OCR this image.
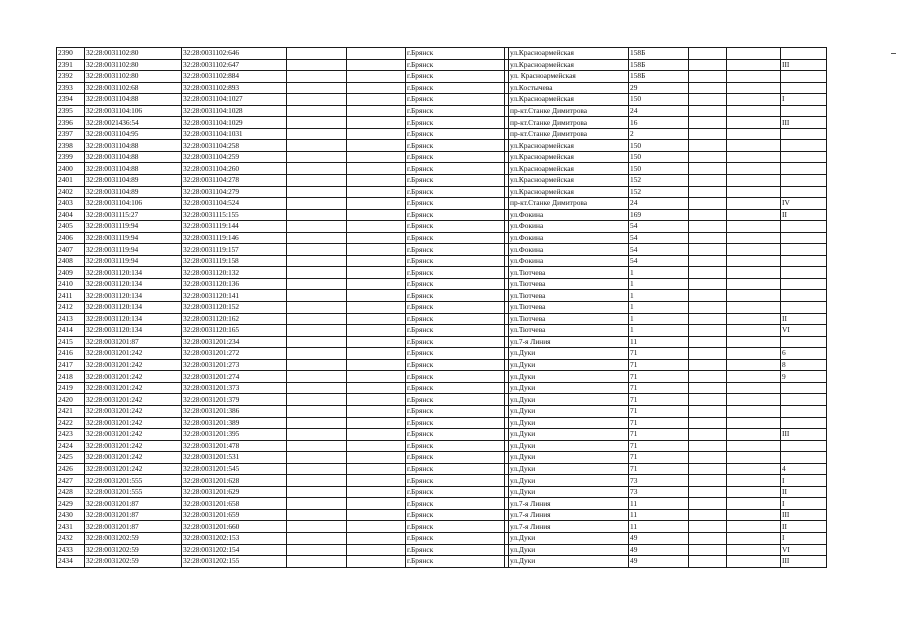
2390	32:28:0031102:80	32:28:0031102:646			г.Брянск		ул.Красноармейская	158Б			
2391	32:28:0031102:80	32:28:0031102:647			г.Брянск		ул.Красноармейская	158Б			III
2392	32:28:0031102:80	32:28:0031102:884			г.Брянск		ул. Красноармейская	158Б			
2393	32:28:0031102:68	32:28:0031102:893			г.Брянск		ул.Костычева	29			
2394	32:28:0031104:88	32:28:0031104:1027			г.Брянск		ул.Красноармейская	150			I
2395	32:28:0031104:106	32:28:0031104:1028			г.Брянск		пр-кт.Станке Димитрова	24			
2396	32:28:0021436:54	32:28:0031104:1029			г.Брянск		пр-кт.Станке Димитрова	16			III
2397	32:28:0031104:95	32:28:0031104:1031			г.Брянск		пр-кт.Станке Димитрова	2			
2398	32:28:0031104:88	32:28:0031104:258			г.Брянск		ул.Красноармейская	150			
2399	32:28:0031104:88	32:28:0031104:259			г.Брянск		ул.Красноармейская	150			
2400	32:28:0031104:88	32:28:0031104:260			г.Брянск		ул.Красноармейская	150			
2401	32:28:0031104:89	32:28:0031104:278			г.Брянск		ул.Красноармейская	152			
2402	32:28:0031104:89	32:28:0031104:279			г.Брянск		ул.Красноармейская	152			
2403	32:28:0031104:106	32:28:0031104:524			г.Брянск		пр-кт.Станке Димитрова	24			IV
2404	32:28:0031115:27	32:28:0031115:155			г.Брянск		ул.Фокина	169			II
2405	32:28:0031119:94	32:28:0031119:144			г.Брянск		ул.Фокина	54			
2406	32:28:0031119:94	32:28:0031119:146			г.Брянск		ул.Фокина	54			
2407	32:28:0031119:94	32:28:0031119:157			г.Брянск		ул.Фокина	54			
2408	32:28:0031119:94	32:28:0031119:158			г.Брянск		ул.Фокина	54			
2409	32:28:0031120:134	32:28:0031120:132			г.Брянск		ул.Тютчева	1			
2410	32:28:0031120:134	32:28:0031120:136			г.Брянск		ул.Тютчева	1			
2411	32:28:0031120:134	32:28:0031120:141			г.Брянск		ул.Тютчева	1			
2412	32:28:0031120:134	32:28:0031120:152			г.Брянск		ул.Тютчева	1			
2413	32:28:0031120:134	32:28:0031120:162			г.Брянск		ул.Тютчева	1			II
2414	32:28:0031120:134	32:28:0031120:165			г.Брянск		ул.Тютчева	1			VI
2415	32:28:0031201:87	32:28:0031201:234			г.Брянск		ул.7-я Линия	11			
2416	32:28:0031201:242	32:28:0031201:272			г.Брянск		ул.Дуки	71			6
2417	32:28:0031201:242	32:28:0031201:273			г.Брянск		ул.Дуки	71			8
2418	32:28:0031201:242	32:28:0031201:274			г.Брянск		ул.Дуки	71			9
2419	32:28:0031201:242	32:28:0031201:373			г.Брянск		ул.Дуки	71			
2420	32:28:0031201:242	32:28:0031201:379			г.Брянск		ул.Дуки	71			
2421	32:28:0031201:242	32:28:0031201:386			г.Брянск		ул.Дуки	71			
2422	32:28:0031201:242	32:28:0031201:389			г.Брянск		ул.Дуки	71			
2423	32:28:0031201:242	32:28:0031201:395			г.Брянск		ул.Дуки	71			III
2424	32:28:0031201:242	32:28:0031201:478			г.Брянск		ул.Дуки	71			
2425	32:28:0031201:242	32:28:0031201:531			г.Брянск		ул.Дуки	71			
2426	32:28:0031201:242	32:28:0031201:545			г.Брянск		ул.Дуки	71			4
2427	32:28:0031201:555	32:28:0031201:628			г.Брянск		ул.Дуки	73			I
2428	32:28:0031201:555	32:28:0031201:629			г.Брянск		ул.Дуки	73			II
2429	32:28:0031201:87	32:28:0031201:658			г.Брянск		ул.7-я Линия	11			I
2430	32:28:0031201:87	32:28:0031201:659			г.Брянск		ул.7-я Линия	11			III
2431	32:28:0031201:87	32:28:0031201:660			г.Брянск		ул.7-я Линия	11			II
2432	32:28:0031202:59	32:28:0031202:153			г.Брянск		ул.Дуки	49			I
2433	32:28:0031202:59	32:28:0031202:154			г.Брянск		ул.Дуки	49			VI
2434	32:28:0031202:59	32:28:0031202:155			г.Брянск		ул.Дуки	49			III
